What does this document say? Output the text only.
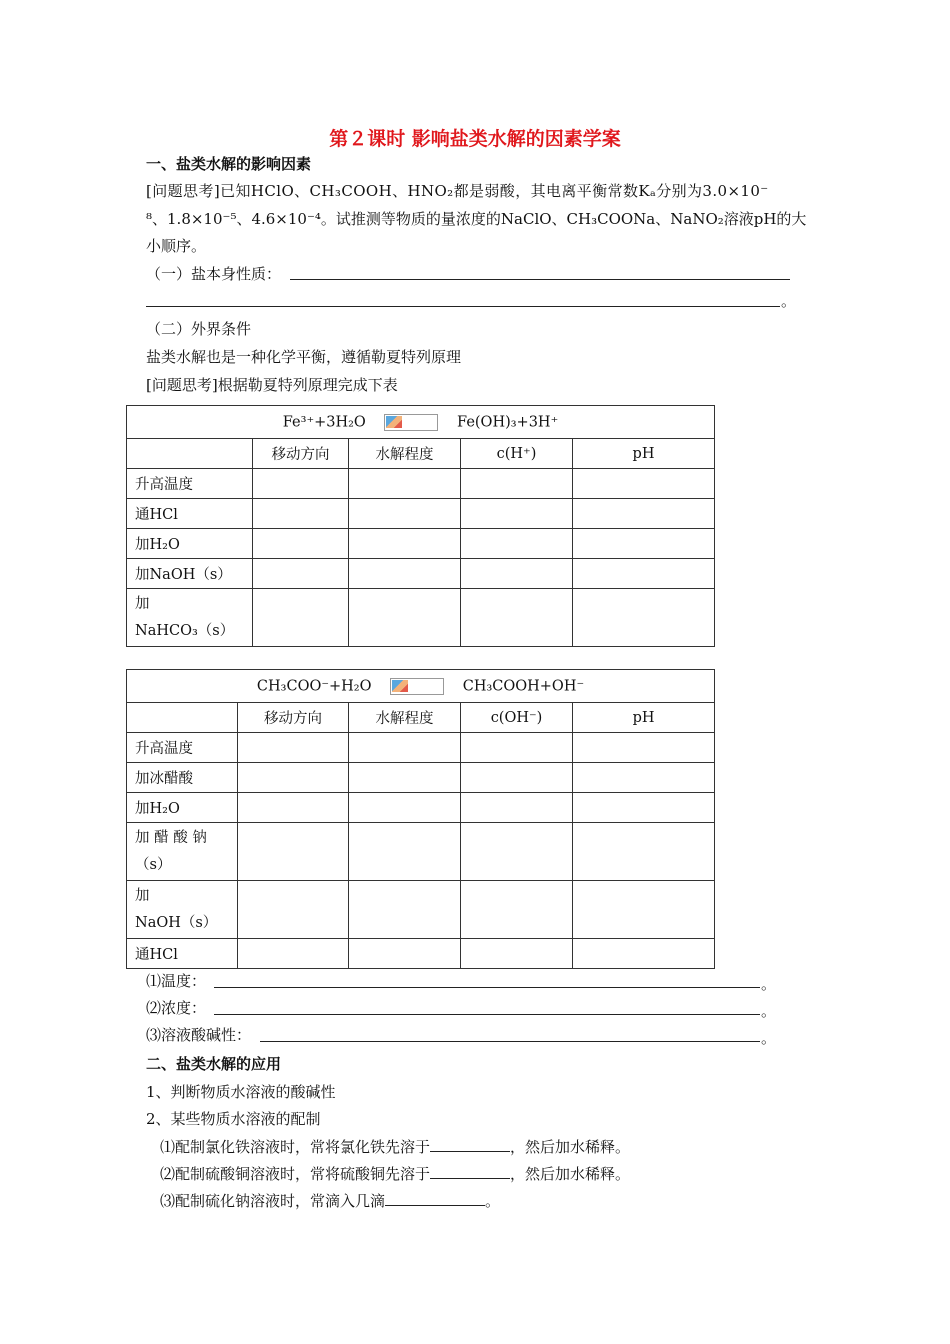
第２课时 影响盐类水解的因素学案
一、盐类水解的影响因素
[问题思考]已知HClO、CH₃COOH、HNO₂都是弱酸，其电离平衡常数Kₐ分别为3.0×10⁻
⁸、1.8×10⁻⁵、4.6×10⁻⁴。试推测等物质的量浓度的NaClO、CH₃COONa、NaNO₂溶液pH的大
小顺序。
（一）盐本身性质：
。
（二）外界条件
盐类水解也是一种化学平衡，遵循勒夏特列原理
[问题思考]根据勒夏特列原理完成下表
Fe³⁺+3H₂O Fe(OH)₃+3H⁺				
	移动方向	水解程度	c(H⁺)	pH
升高温度				
通HCl				
加H₂O				
加NaOH（s）				

加
NaHCO₃（s）				

CH₃COO⁻+H₂O CH₃COOH+OH⁻				
	移动方向	水解程度	c(OH⁻)	pH
升高温度				
加冰醋酸				
加H₂O				

加 醋 酸 钠
（s）				

加
NaOH（s）				

通HCl				
⑴温度：	。
⑵浓度：	。
⑶溶液酸碱性：	。
二、盐类水解的应用
1、判断物质水溶液的酸碱性
2、某些物质水溶液的配制
⑴配制氯化铁溶液时，常将氯化铁先溶于	，然后加水稀释。
⑵配制硫酸铜溶液时，常将硫酸铜先溶于	，然后加水稀释。
⑶配制硫化钠溶液时，常滴入几滴	。
